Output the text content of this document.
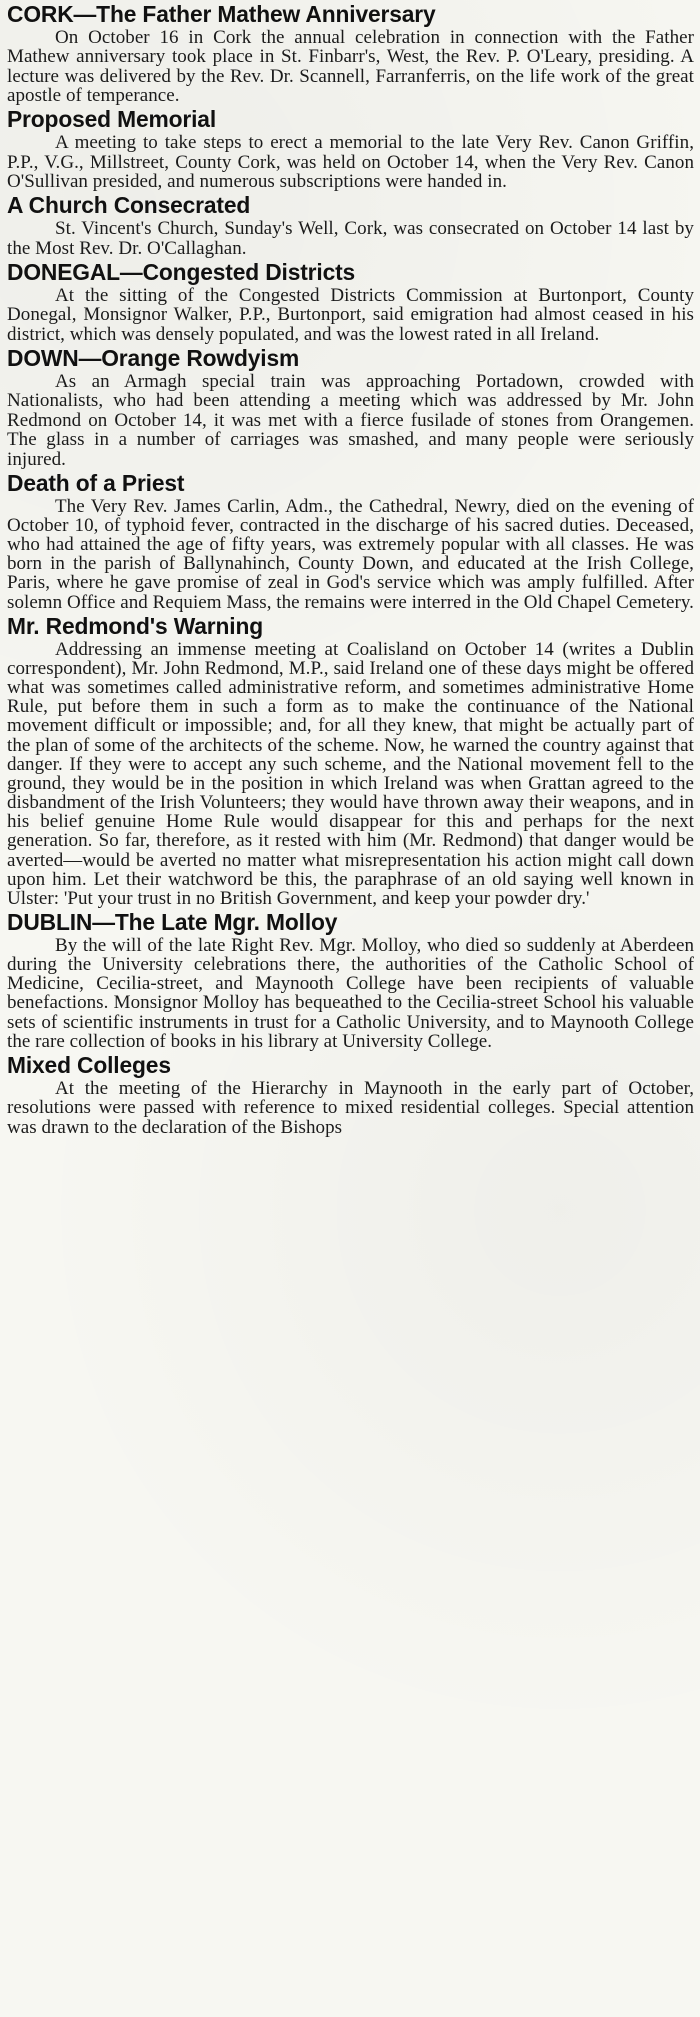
CORK—The Father Mathew Anniversary

On October 16 in Cork the annual celebration in connection with the Father Mathew anniversary took place in St. Finbarr's, West, the Rev. P. O'Leary, presiding. A lecture was delivered by the Rev. Dr. Scannell, Farranferris, on the life work of the great apostle of temperance.

Proposed Memorial

A meeting to take steps to erect a memorial to the late Very Rev. Canon Griffin, P.P., V.G., Millstreet, County Cork, was held on October 14, when the Very Rev. Canon O'Sullivan presided, and numerous subscriptions were handed in.

A Church Consecrated

St. Vincent's Church, Sunday's Well, Cork, was consecrated on October 14 last by the Most Rev. Dr. O'Callaghan.

DONEGAL—Congested Districts

At the sitting of the Congested Districts Commission at Burtonport, County Donegal, Monsignor Walker, P.P., Burtonport, said emigration had almost ceased in his district, which was densely populated, and was the lowest rated in all Ireland.

DOWN—Orange Rowdyism

As an Armagh special train was approaching Portadown, crowded with Nationalists, who had been attending a meeting which was addressed by Mr. John Redmond on October 14, it was met with a fierce fusilade of stones from Orangemen. The glass in a number of carriages was smashed, and many people were seriously injured.

Death of a Priest

The Very Rev. James Carlin, Adm., the Cathedral, Newry, died on the evening of October 10, of typhoid fever, contracted in the discharge of his sacred duties. Deceased, who had attained the age of fifty years, was extremely popular with all classes. He was born in the parish of Ballynahinch, County Down, and educated at the Irish College, Paris, where he gave promise of zeal in God's service which was amply fulfilled. After solemn Office and Requiem Mass, the remains were interred in the Old Chapel Cemetery.

Mr. Redmond's Warning

Addressing an immense meeting at Coalisland on October 14 (writes a Dublin correspondent), Mr. John Redmond, M.P., said Ireland one of these days might be offered what was sometimes called administrative reform, and sometimes administrative Home Rule, put before them in such a form as to make the continuance of the National movement difficult or impossible; and, for all they knew, that might be actually part of the plan of some of the architects of the scheme. Now, he warned the country against that danger. If they were to accept any such scheme, and the National movement fell to the ground, they would be in the position in which Ireland was when Grattan agreed to the disbandment of the Irish Volunteers; they would have thrown away their weapons, and in his belief genuine Home Rule would disappear for this and perhaps for the next generation. So far, therefore, as it rested with him (Mr. Redmond) that danger would be averted—would be averted no matter what misrepresentation his action might call down upon him. Let their watchword be this, the paraphrase of an old saying well known in Ulster: 'Put your trust in no British Government, and keep your powder dry.'

DUBLIN—The Late Mgr. Molloy

By the will of the late Right Rev. Mgr. Molloy, who died so suddenly at Aberdeen during the University celebrations there, the authorities of the Catholic School of Medicine, Cecilia-street, and Maynooth College have been recipients of valuable benefactions. Monsignor Molloy has bequeathed to the Cecilia-street School his valuable sets of scientific instruments in trust for a Catholic University, and to Maynooth College the rare collection of books in his library at University College.

Mixed Colleges

At the meeting of the Hierarchy in Maynooth in the early part of October, resolutions were passed with reference to mixed residential colleges. Special attention was drawn to the declaration of the Bishops
